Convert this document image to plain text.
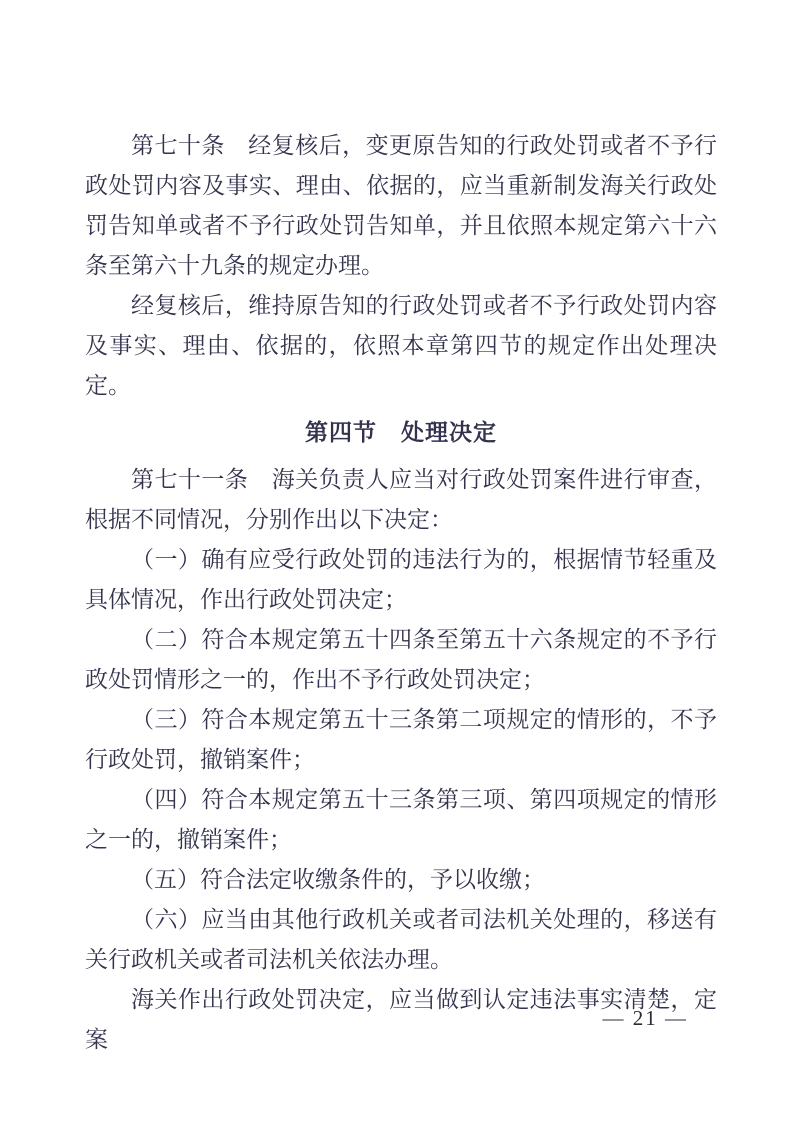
第七十条　经复核后，变更原告知的行政处罚或者不予行政处罚内容及事实、理由、依据的，应当重新制发海关行政处罚告知单或者不予行政处罚告知单，并且依照本规定第六十六条至第六十九条的规定办理。

经复核后，维持原告知的行政处罚或者不予行政处罚内容及事实、理由、依据的，依照本章第四节的规定作出处理决定。

第四节　处理决定

第七十一条　海关负责人应当对行政处罚案件进行审查，根据不同情况，分别作出以下决定：

（一）确有应受行政处罚的违法行为的，根据情节轻重及具体情况，作出行政处罚决定；

（二）符合本规定第五十四条至第五十六条规定的不予行政处罚情形之一的，作出不予行政处罚决定；

（三）符合本规定第五十三条第二项规定的情形的，不予行政处罚，撤销案件；

（四）符合本规定第五十三条第三项、第四项规定的情形之一的，撤销案件；

（五）符合法定收缴条件的，予以收缴；

（六）应当由其他行政机关或者司法机关处理的，移送有关行政机关或者司法机关依法办理。

海关作出行政处罚决定，应当做到认定违法事实清楚，定案

— 21 —
